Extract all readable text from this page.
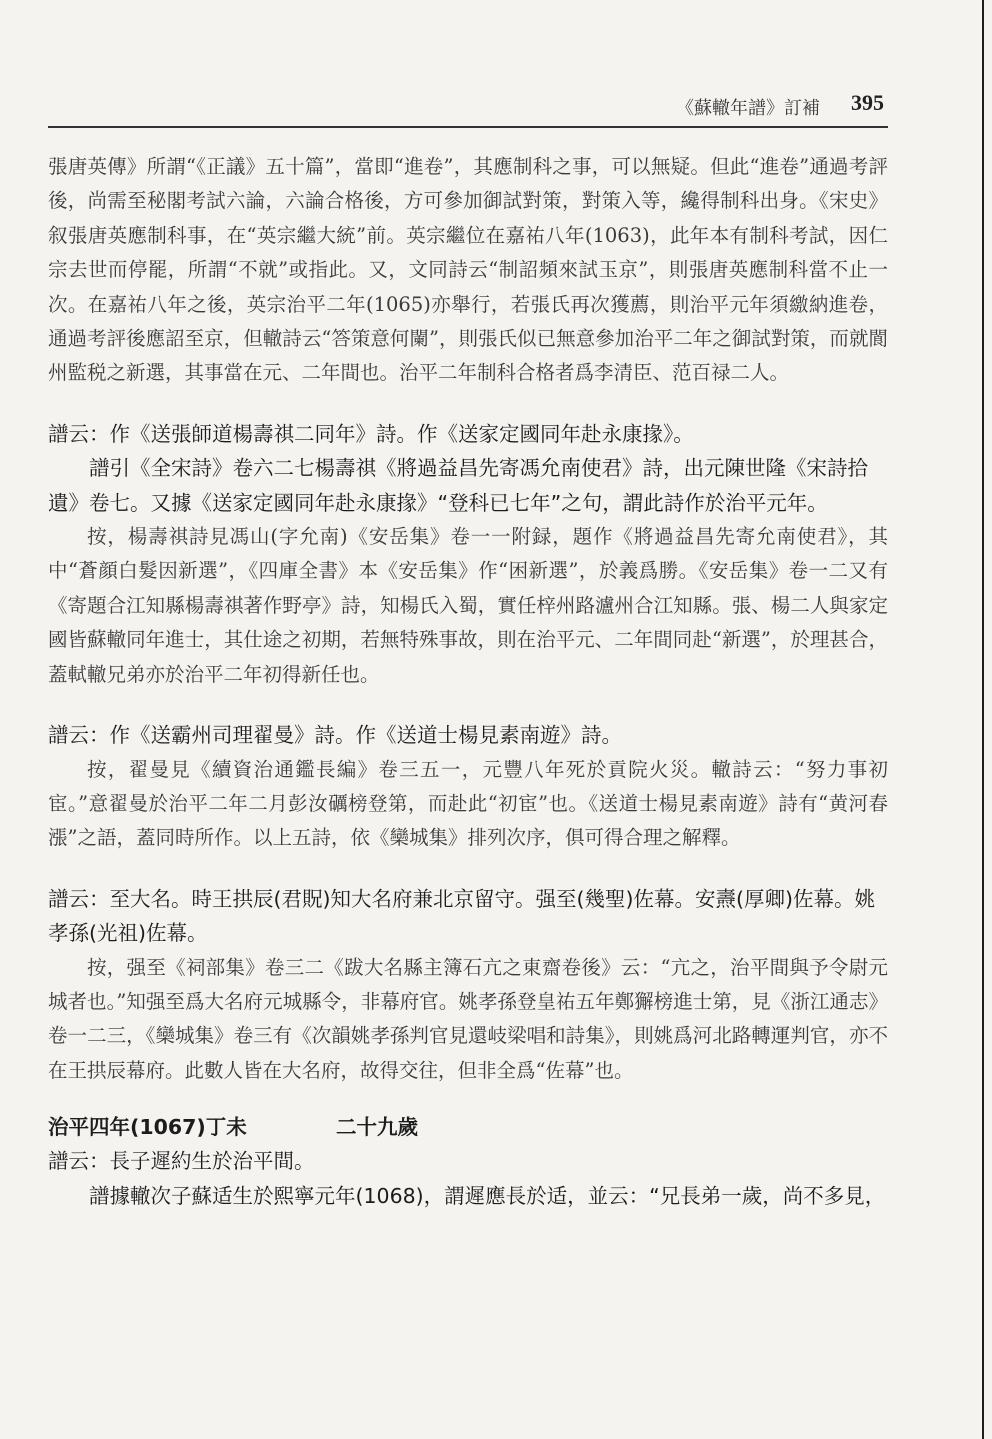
《蘇轍年譜》訂補 395

張唐英傳》所謂“《正議》五十篇”，當即“進卷”，其應制科之事，可以無疑。但此“進卷”通過考評後，尚需至秘閣考試六論，六論合格後，方可參加御試對策，對策入等，纔得制科出身。《宋史》叙張唐英應制科事，在“英宗繼大統”前。英宗繼位在嘉祐八年(1063)，此年本有制科考試，因仁宗去世而停罷，所謂“不就”或指此。又，文同詩云“制詔頻來試玉京”，則張唐英應制科當不止一次。在嘉祐八年之後，英宗治平二年(1065)亦舉行，若張氏再次獲薦，則治平元年須繳納進卷，通過考評後應詔至京，但轍詩云“答策意何闌”，則張氏似已無意參加治平二年之御試對策，而就閬州監税之新選，其事當在元、二年間也。治平二年制科合格者爲李清臣、范百禄二人。

譜云：作《送張師道楊壽祺二同年》詩。作《送家定國同年赴永康掾》。

譜引《全宋詩》卷六二七楊壽祺《將過益昌先寄馮允南使君》詩，出元陳世隆《宋詩拾遺》卷七。又據《送家定國同年赴永康掾》“登科已七年”之句，謂此詩作於治平元年。

按，楊壽祺詩見馮山(字允南)《安岳集》卷一一附録，題作《將過益昌先寄允南使君》，其中“蒼顔白髮因新選”，《四庫全書》本《安岳集》作“困新選”，於義爲勝。《安岳集》卷一二又有《寄題合江知縣楊壽祺著作野亭》詩，知楊氏入蜀，實任梓州路瀘州合江知縣。張、楊二人與家定國皆蘇轍同年進士，其仕途之初期，若無特殊事故，則在治平元、二年間同赴“新選”，於理甚合，蓋軾轍兄弟亦於治平二年初得新任也。

譜云：作《送霸州司理翟曼》詩。作《送道士楊見素南遊》詩。

按，翟曼見《續資治通鑑長編》卷三五一，元豐八年死於貢院火災。轍詩云：“努力事初宦。”意翟曼於治平二年二月彭汝礪榜登第，而赴此“初宦”也。《送道士楊見素南遊》詩有“黄河春漲”之語，蓋同時所作。以上五詩，依《欒城集》排列次序，俱可得合理之解釋。

譜云：至大名。時王拱辰(君貺)知大名府兼北京留守。强至(幾聖)佐幕。安燾(厚卿)佐幕。姚孝孫(光祖)佐幕。

按，强至《祠部集》卷三二《跋大名縣主簿石亢之東齋卷後》云：“亢之，治平間與予令尉元城者也。”知强至爲大名府元城縣令，非幕府官。姚孝孫登皇祐五年鄭獬榜進士第，見《浙江通志》卷一二三，《欒城集》卷三有《次韻姚孝孫判官見還岐梁唱和詩集》，則姚爲河北路轉運判官，亦不在王拱辰幕府。此數人皆在大名府，故得交往，但非全爲“佐幕”也。

治平四年(1067)丁未	二十九歲

譜云：長子遲約生於治平間。

譜據轍次子蘇适生於熙寧元年(1068)，謂遲應長於适，並云：“兄長弟一歲，尚不多見，
